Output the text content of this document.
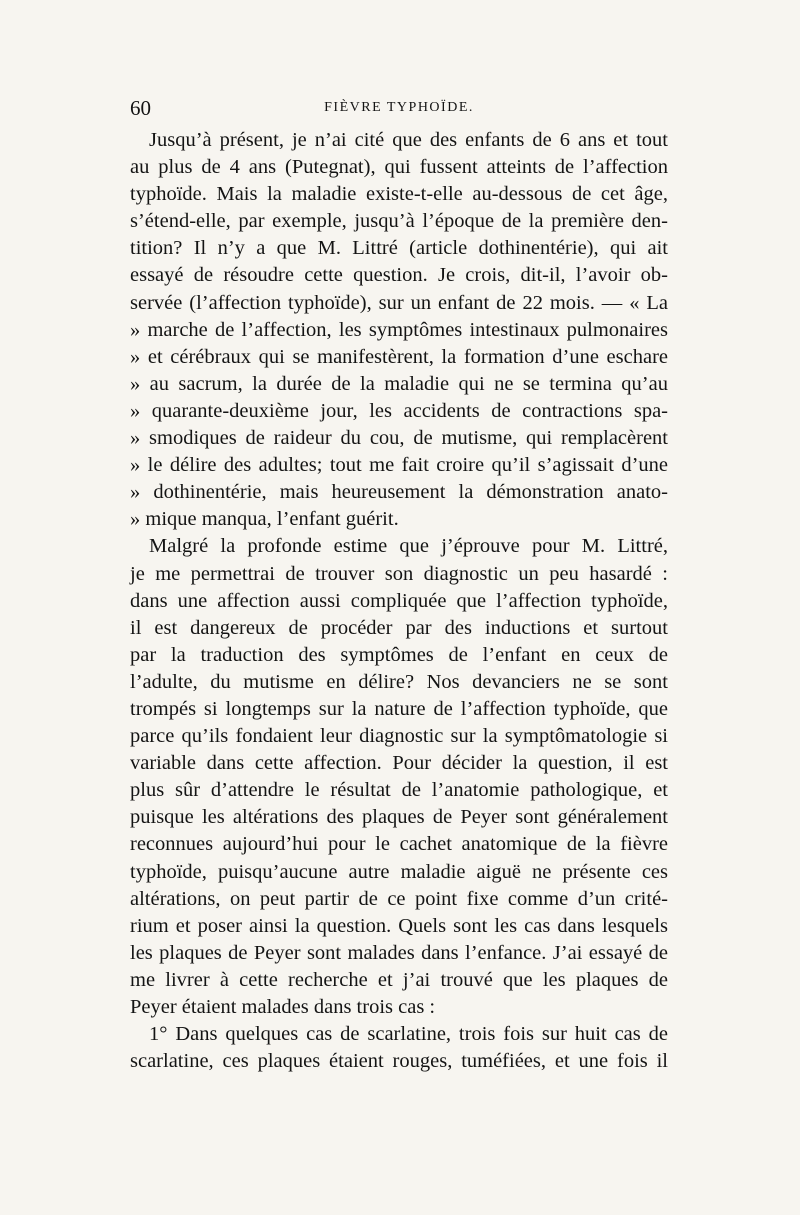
60	FIÈVRE TYPHOÏDE.
Jusqu’à présent, je n’ai cité que des enfants de 6 ans et tout
au plus de 4 ans (Putegnat), qui fussent atteints de l’affection
typhoïde. Mais la maladie existe-t-elle au-dessous de cet âge,
s’étend-elle, par exemple, jusqu’à l’époque de la première den-
tition? Il n’y a que M. Littré (article dothinentérie), qui ait
essayé de résoudre cette question. Je crois, dit-il, l’avoir ob-
servée (l’affection typhoïde), sur un enfant de 22 mois. — « La
» marche de l’affection, les symptômes intestinaux pulmonaires
» et cérébraux qui se manifestèrent, la formation d’une eschare
» au sacrum, la durée de la maladie qui ne se termina qu’au
» quarante-deuxième jour, les accidents de contractions spa-
» smodiques de raideur du cou, de mutisme, qui remplacèrent
» le délire des adultes; tout me fait croire qu’il s’agissait d’une
» dothinentérie, mais heureusement la démonstration anato-
» mique manqua, l’enfant guérit.
Malgré la profonde estime que j’éprouve pour M. Littré,
je me permettrai de trouver son diagnostic un peu hasardé :
dans une affection aussi compliquée que l’affection typhoïde,
il est dangereux de procéder par des inductions et surtout
par la traduction des symptômes de l’enfant en ceux de
l’adulte, du mutisme en délire? Nos devanciers ne se sont
trompés si longtemps sur la nature de l’affection typhoïde, que
parce qu’ils fondaient leur diagnostic sur la symptômatologie si
variable dans cette affection. Pour décider la question, il est
plus sûr d’attendre le résultat de l’anatomie pathologique, et
puisque les altérations des plaques de Peyer sont généralement
reconnues aujourd’hui pour le cachet anatomique de la fièvre
typhoïde, puisqu’aucune autre maladie aiguë ne présente ces
altérations, on peut partir de ce point fixe comme d’un crité-
rium et poser ainsi la question. Quels sont les cas dans lesquels
les plaques de Peyer sont malades dans l’enfance. J’ai essayé de
me livrer à cette recherche et j’ai trouvé que les plaques de
Peyer étaient malades dans trois cas :
1° Dans quelques cas de scarlatine, trois fois sur huit cas de
scarlatine, ces plaques étaient rouges, tuméfiées, et une fois il
